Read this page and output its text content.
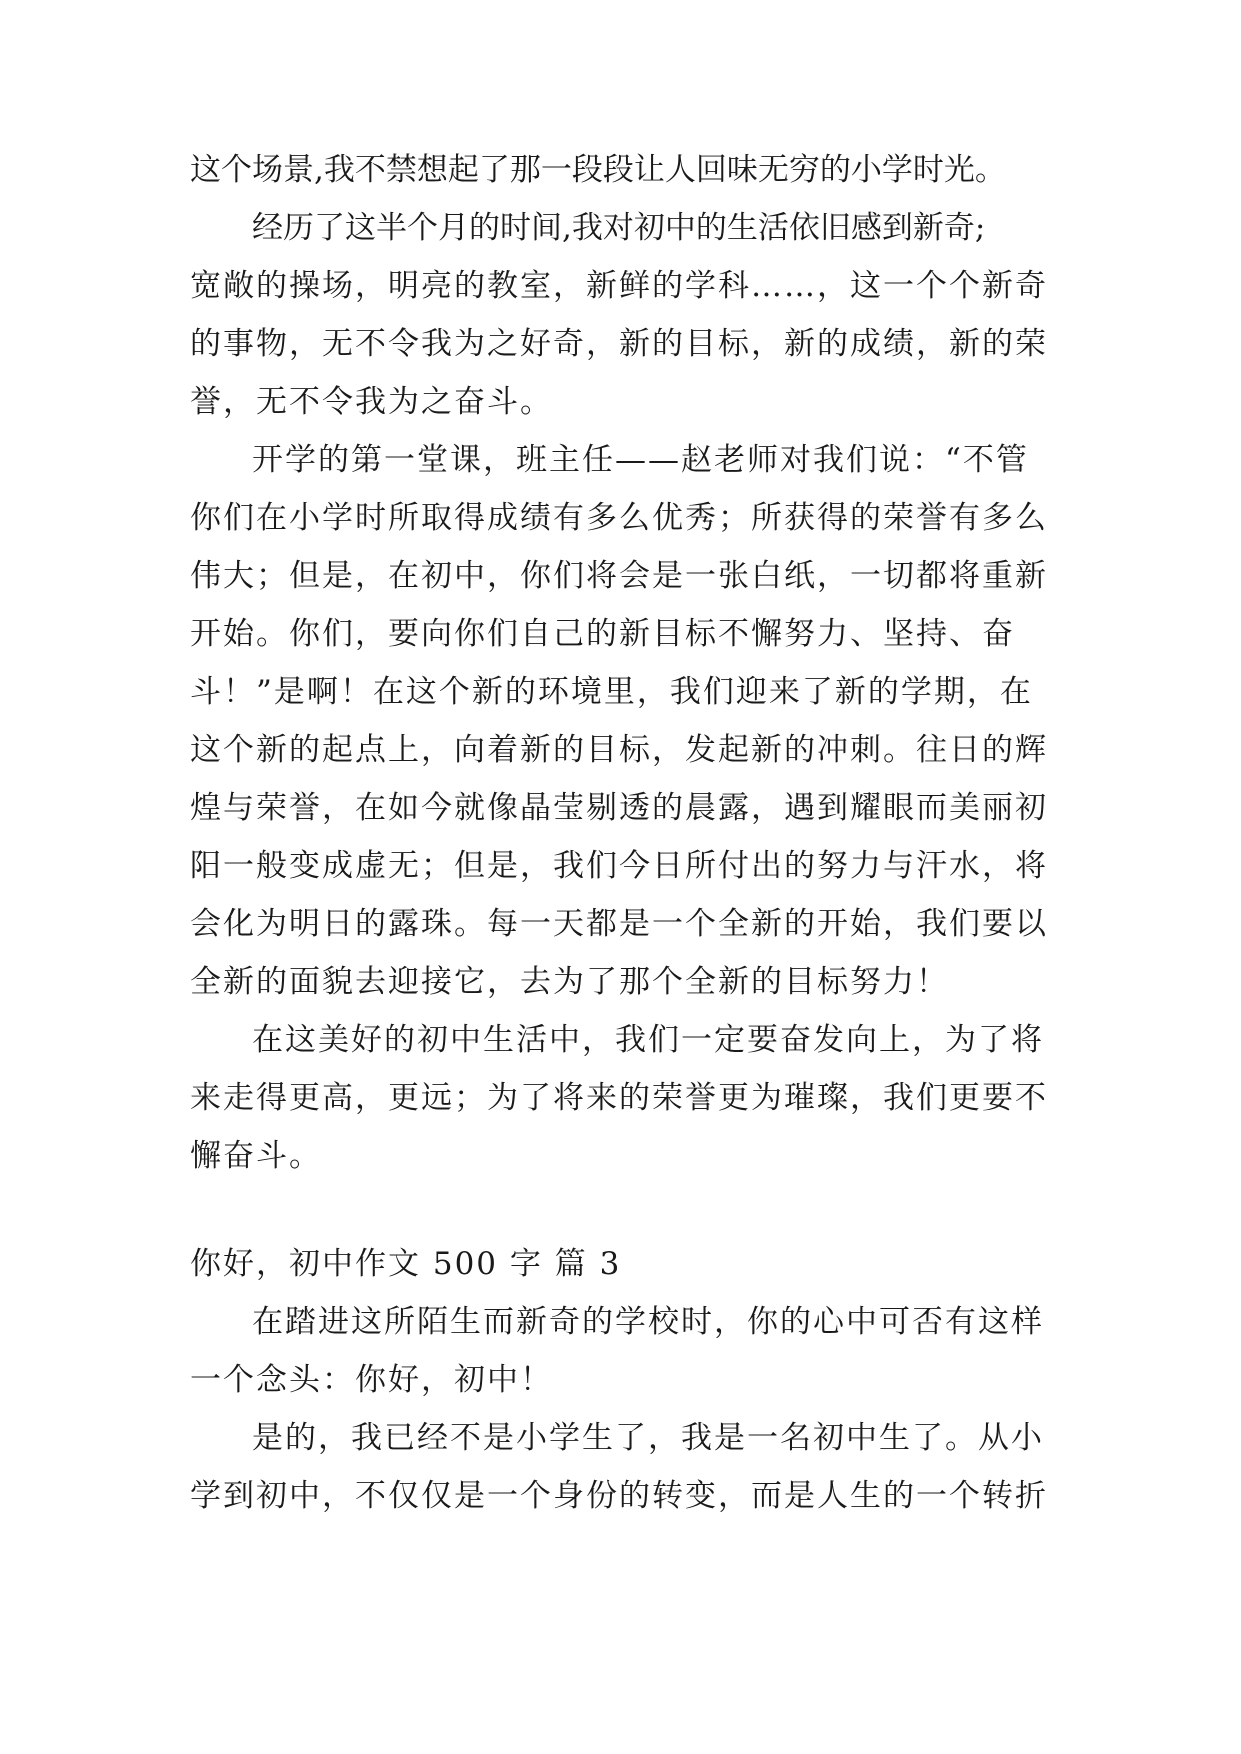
这个场景,我不禁想起了那一段段让人回味无穷的小学时光。
经历了这半个月的时间,我对初中的生活依旧感到新奇;
宽敞的操场，明亮的教室，新鲜的学科……，这一个个新奇
的事物，无不令我为之好奇，新的目标，新的成绩，新的荣
誉，无不令我为之奋斗。
开学的第一堂课，班主任——赵老师对我们说：“不管
你们在小学时所取得成绩有多么优秀；所获得的荣誉有多么
伟大；但是，在初中，你们将会是一张白纸，一切都将重新
开始。你们，要向你们自己的新目标不懈努力、坚持、奋
斗！”是啊！在这个新的环境里，我们迎来了新的学期，在
这个新的起点上，向着新的目标，发起新的冲刺。往日的辉
煌与荣誉，在如今就像晶莹剔透的晨露，遇到耀眼而美丽初
阳一般变成虚无；但是，我们今日所付出的努力与汗水，将
会化为明日的露珠。每一天都是一个全新的开始，我们要以
全新的面貌去迎接它，去为了那个全新的目标努力！
在这美好的初中生活中，我们一定要奋发向上，为了将
来走得更高，更远；为了将来的荣誉更为璀璨，我们更要不
懈奋斗。
你好，初中作文 500 字 篇 3
在踏进这所陌生而新奇的学校时，你的心中可否有这样
一个念头：你好，初中！
是的，我已经不是小学生了，我是一名初中生了。从小
学到初中，不仅仅是一个身份的转变，而是人生的一个转折
